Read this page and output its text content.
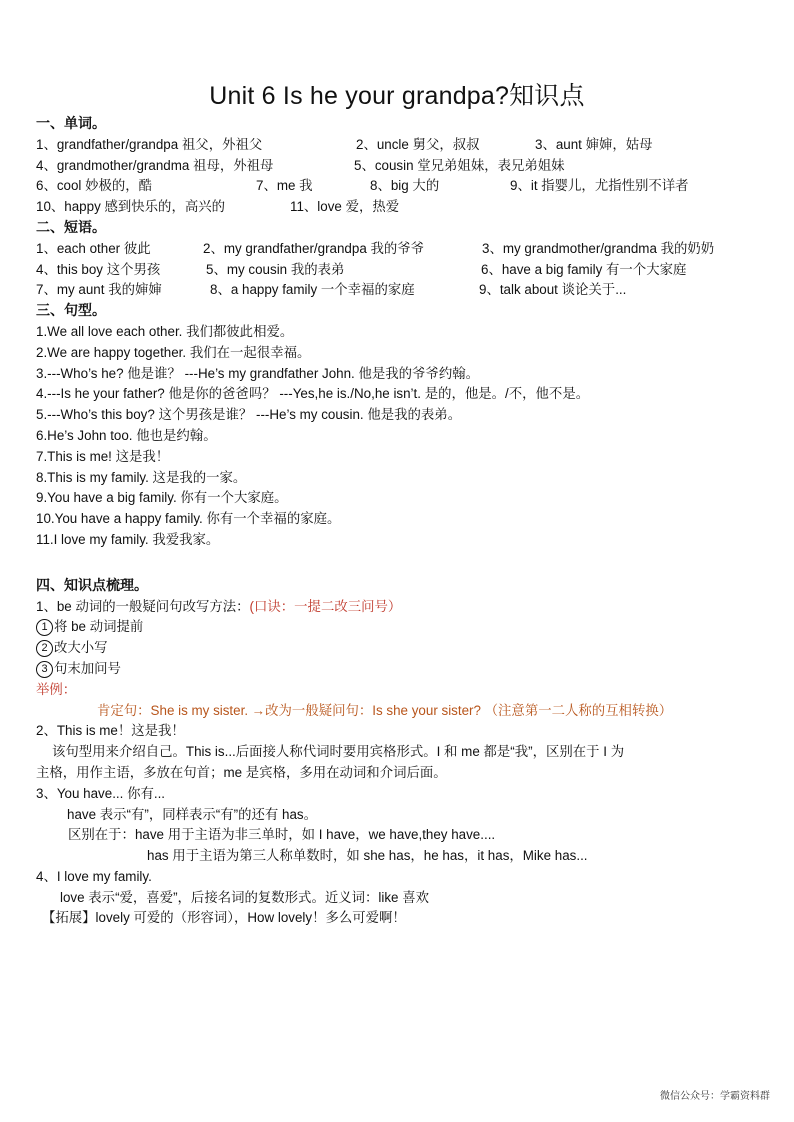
Unit 6 Is he your grandpa?知识点
一、单词。
1、grandfather/grandpa 祖父，外祖父	2、uncle 舅父，叔叔	3、aunt 婶婶，姑母
4、grandmother/grandma 祖母，外祖母	5、cousin 堂兄弟姐妹，表兄弟姐妹
6、cool 妙极的，酷	7、me 我	8、big 大的	9、it 指婴儿，尤指性别不详者
10、happy 感到快乐的，高兴的	11、love 爱，热爱
二、短语。
1、each other 彼此	2、my grandfather/grandpa 我的爷爷	3、my grandmother/grandma 我的奶奶
4、this boy 这个男孩	5、my cousin 我的表弟	6、have a big family 有一个大家庭
7、my aunt 我的婶婶	8、a happy family 一个幸福的家庭	9、talk about 谈论关于...
三、句型。
1.We all love each other. 我们都彼此相爱。
2.We are happy together. 我们在一起很幸福。
3.---Who’s he? 他是谁？ ---He’s my grandfather John. 他是我的爷爷约翰。
4.---Is he your father? 他是你的爸爸吗？ ---Yes,he is./No,he isn’t. 是的，他是。/不，他不是。
5.---Who’s this boy? 这个男孩是谁？ ---He’s my cousin. 他是我的表弟。
6.He’s John too. 他也是约翰。
7.This is me! 这是我！
8.This is my family. 这是我的一家。
9.You have a big family. 你有一个大家庭。
10.You have a happy family. 你有一个幸福的家庭。
11.I love my family. 我爱我家。
四、知识点梳理。
1、be 动词的一般疑问句改写方法：(口诀：一提二改三问号）
1 将 be 动词提前
2 改大小写
3 句末加问号
举例：
肯定句：She is my sister. →改为一般疑问句：Is she your sister? （注意第一二人称的互相转换）
2、This is me！这是我！
该句型用来介绍自己。This is...后面接人称代词时要用宾格形式。I 和 me 都是“我”，区别在于 I 为
主格，用作主语，多放在句首；me 是宾格，多用在动词和介词后面。
3、You have... 你有...
have 表示“有”，同样表示“有”的还有 has。
区别在于：have 用于主语为非三单时，如 I have，we have,they have....
has 用于主语为第三人称单数时，如 she has，he has，it has，Mike has...
4、I love my family.
love 表示“爱，喜爱”，后接名词的复数形式。近义词：like 喜欢
【拓展】lovely 可爱的（形容词），How lovely！多么可爱啊！
微信公众号：学霸资料群
